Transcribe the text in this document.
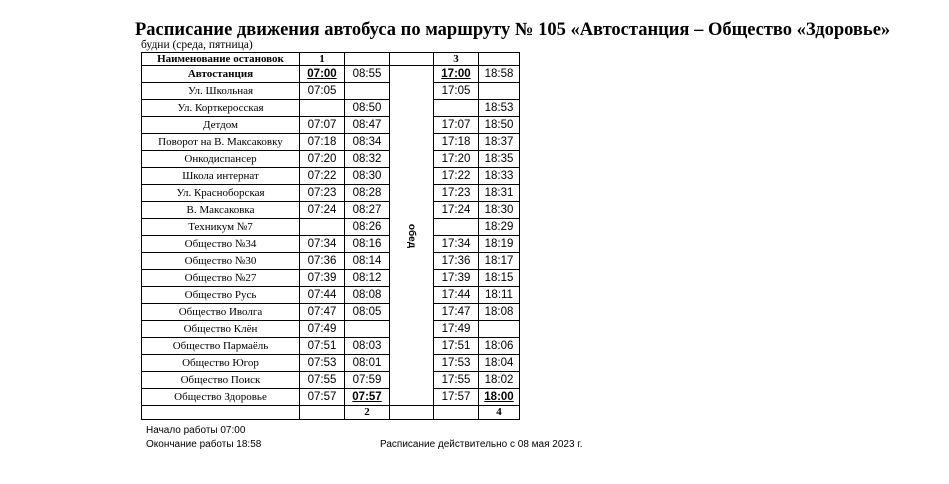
Расписание движения автобуса по маршруту № 105 «Автостанция – Общество «Здоровье»
будни (среда, пятница)
Наименование остановок	1			3	
Автостанция	07:00	08:55	обед	17:00	18:58
Ул. Школьная	07:05			17:05	
Ул. Корткеросская		08:50			18:53
Детдом	07:07	08:47		17:07	18:50
Поворот на В. Максаковку	07:18	08:34		17:18	18:37
Онкодиспансер	07:20	08:32		17:20	18:35
Школа интернат	07:22	08:30		17:22	18:33
Ул. Красноборская	07:23	08:28		17:23	18:31
В. Максаковка	07:24	08:27		17:24	18:30
Техникум №7		08:26			18:29
Общество №34	07:34	08:16		17:34	18:19
Общество №30	07:36	08:14		17:36	18:17
Общество №27	07:39	08:12		17:39	18:15
Общество Русь	07:44	08:08		17:44	18:11
Общество Иволга	07:47	08:05		17:47	18:08
Общество Клён	07:49			17:49	
Общество Пармаёль	07:51	08:03		17:51	18:06
Общество Югор	07:53	08:01		17:53	18:04
Общество Поиск	07:55	07:59		17:55	18:02
Общество Здоровье	07:57	07:57		17:57	18:00
		2			4
Начало работы 07:00
Окончание работы 18:58	Расписание действительно с 08 мая 2023 г.
